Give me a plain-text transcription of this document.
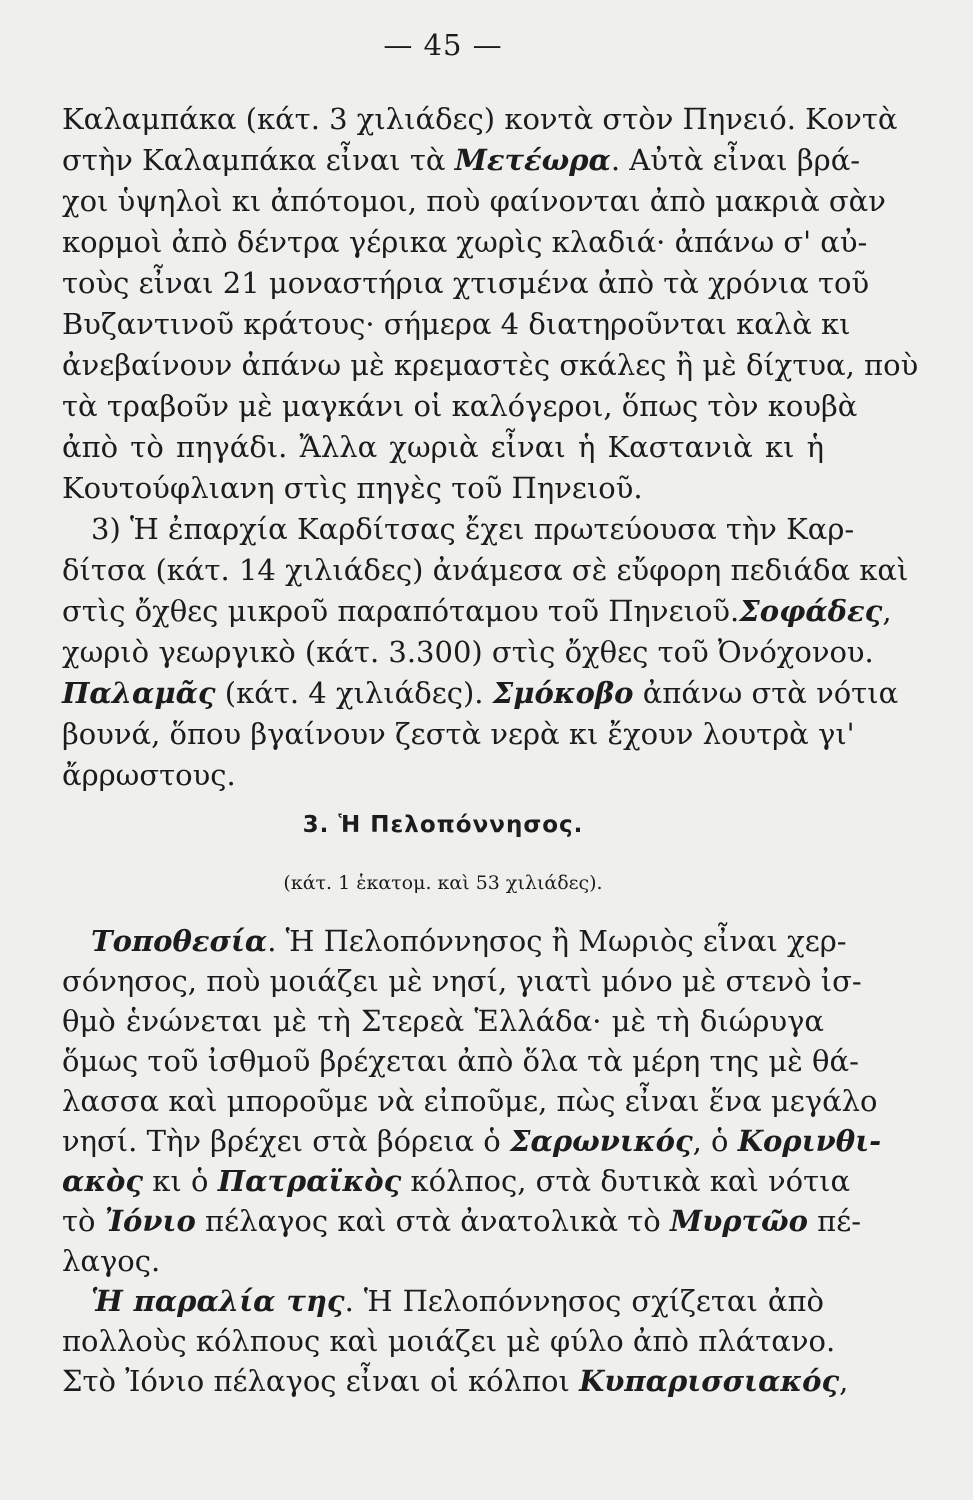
— 45 —
Καλαμπάκα (κάτ. 3 χιλιάδες) κοντὰ στὸν Πηνειό. Κοντὰ
στὴν Καλαμπάκα εἶναι τὰ Μετέωρα. Αὐτὰ εἶναι βρά-
χοι ὑψηλοὶ κι ἀπότομοι, ποὺ φαίνονται ἀπὸ μακριὰ σὰν
κορμοὶ ἀπὸ δέντρα γέρικα χωρὶς κλαδιά· ἀπάνω σ' αὐ-
τοὺς εἶναι 21 μοναστήρια χτισμένα ἀπὸ τὰ χρόνια τοῦ
Βυζαντινοῦ κράτους· σήμερα 4 διατηροῦνται καλὰ κι
ἀνεβαίνουν ἀπάνω μὲ κρεμαστὲς σκάλες ἢ μὲ δίχτυα, ποὺ
τὰ τραβοῦν μὲ μαγκάνι οἱ καλόγεροι, ὅπως τὸν κουβὰ
ἀπὸ τὸ πηγάδι. Ἄλλα χωριὰ εἶναι ἡ Καστανιὰ κι ἡ
Κουτούφλιανη στὶς πηγὲς τοῦ Πηνειοῦ.
 3) Ἡ ἐπαρχία Καρδίτσας ἔχει πρωτεύουσα τὴν Καρ-
δίτσα (κάτ. 14 χιλιάδες) ἀνάμεσα σὲ εὔφορη πεδιάδα καὶ
στὶς ὄχθες μικροῦ παραπόταμου τοῦ Πηνειοῦ.Σοφάδες,
χωριὸ γεωργικὸ (κάτ. 3.300) στὶς ὄχθες τοῦ Ὀνόχονου.
Παλαμᾶς (κάτ. 4 χιλιάδες). Σμόκοβο ἀπάνω στὰ νότια
βουνά, ὅπου βγαίνουν ζεστὰ νερὰ κι ἔχουν λουτρὰ γι'
ἄρρωστους.
3. Ἡ Πελοπόννησος.
(κάτ. 1 ἑκατομ. καὶ 53 χιλιάδες).
 Τοποθεσία. Ἡ Πελοπόννησος ἢ Μωριὸς εἶναι χερ-
σόνησος, ποὺ μοιάζει μὲ νησί, γιατὶ μόνο μὲ στενὸ ἰσ-
θμὸ ἑνώνεται μὲ τὴ Στερεὰ Ἑλλάδα· μὲ τὴ διώρυγα
ὅμως τοῦ ἰσθμοῦ βρέχεται ἀπὸ ὅλα τὰ μέρη της μὲ θά-
λασσα καὶ μποροῦμε νὰ εἰποῦμε, πὼς εἶναι ἕνα μεγάλο
νησί. Τὴν βρέχει στὰ βόρεια ὁ Σαρωνικός, ὁ Κορινθι-
ακὸς κι ὁ Πατραϊκὸς κόλπος, στὰ δυτικὰ καὶ νότια
τὸ Ἰόνιο πέλαγος καὶ στὰ ἀνατολικὰ τὸ Μυρτῶο πέ-
λαγος.
 Ἡ παραλία της. Ἡ Πελοπόννησος σχίζεται ἀπὸ
πολλοὺς κόλπους καὶ μοιάζει μὲ φύλο ἀπὸ πλάτανο.
Στὸ Ἰόνιο πέλαγος εἶναι οἱ κόλποι Κυπαρισσιακός,
